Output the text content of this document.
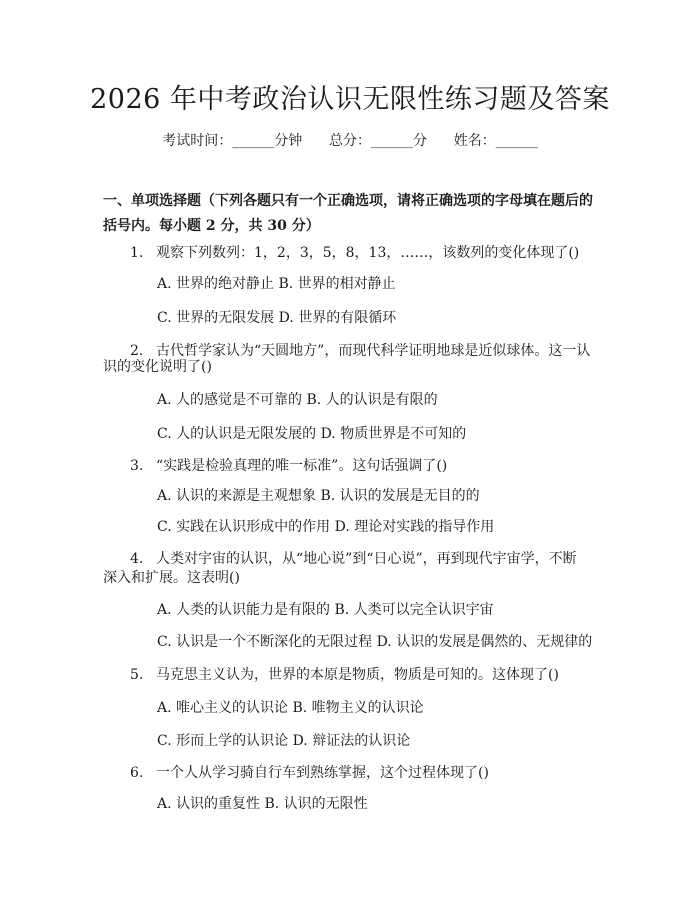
2026 年中考政治认识无限性练习题及答案
考试时间：______分钟 总分：______分 姓名：______
一、单项选择题（下列各题只有一个正确选项，请将正确选项的字母填在题后的括号内。每小题 2 分，共 30 分）
1. 观察下列数列：1，2，3，5，8，13，……，该数列的变化体现了()
A. 世界的绝对静止 B. 世界的相对静止
C. 世界的无限发展 D. 世界的有限循环
2. 古代哲学家认为“天圆地方”，而现代科学证明地球是近似球体。这一认
识的变化说明了()
A. 人的感觉是不可靠的 B. 人的认识是有限的
C. 人的认识是无限发展的 D. 物质世界是不可知的
3. “实践是检验真理的唯一标准”。这句话强调了()
A. 认识的来源是主观想象 B. 认识的发展是无目的的
C. 实践在认识形成中的作用 D. 理论对实践的指导作用
4. 人类对宇宙的认识，从“地心说”到“日心说”，再到现代宇宙学，不断
深入和扩展。这表明()
A. 人类的认识能力是有限的 B. 人类可以完全认识宇宙
C. 认识是一个不断深化的无限过程 D. 认识的发展是偶然的、无规律的
5. 马克思主义认为，世界的本原是物质，物质是可知的。这体现了()
A. 唯心主义的认识论 B. 唯物主义的认识论
C. 形而上学的认识论 D. 辩证法的认识论
6. 一个人从学习骑自行车到熟练掌握，这个过程体现了()
A. 认识的重复性 B. 认识的无限性
